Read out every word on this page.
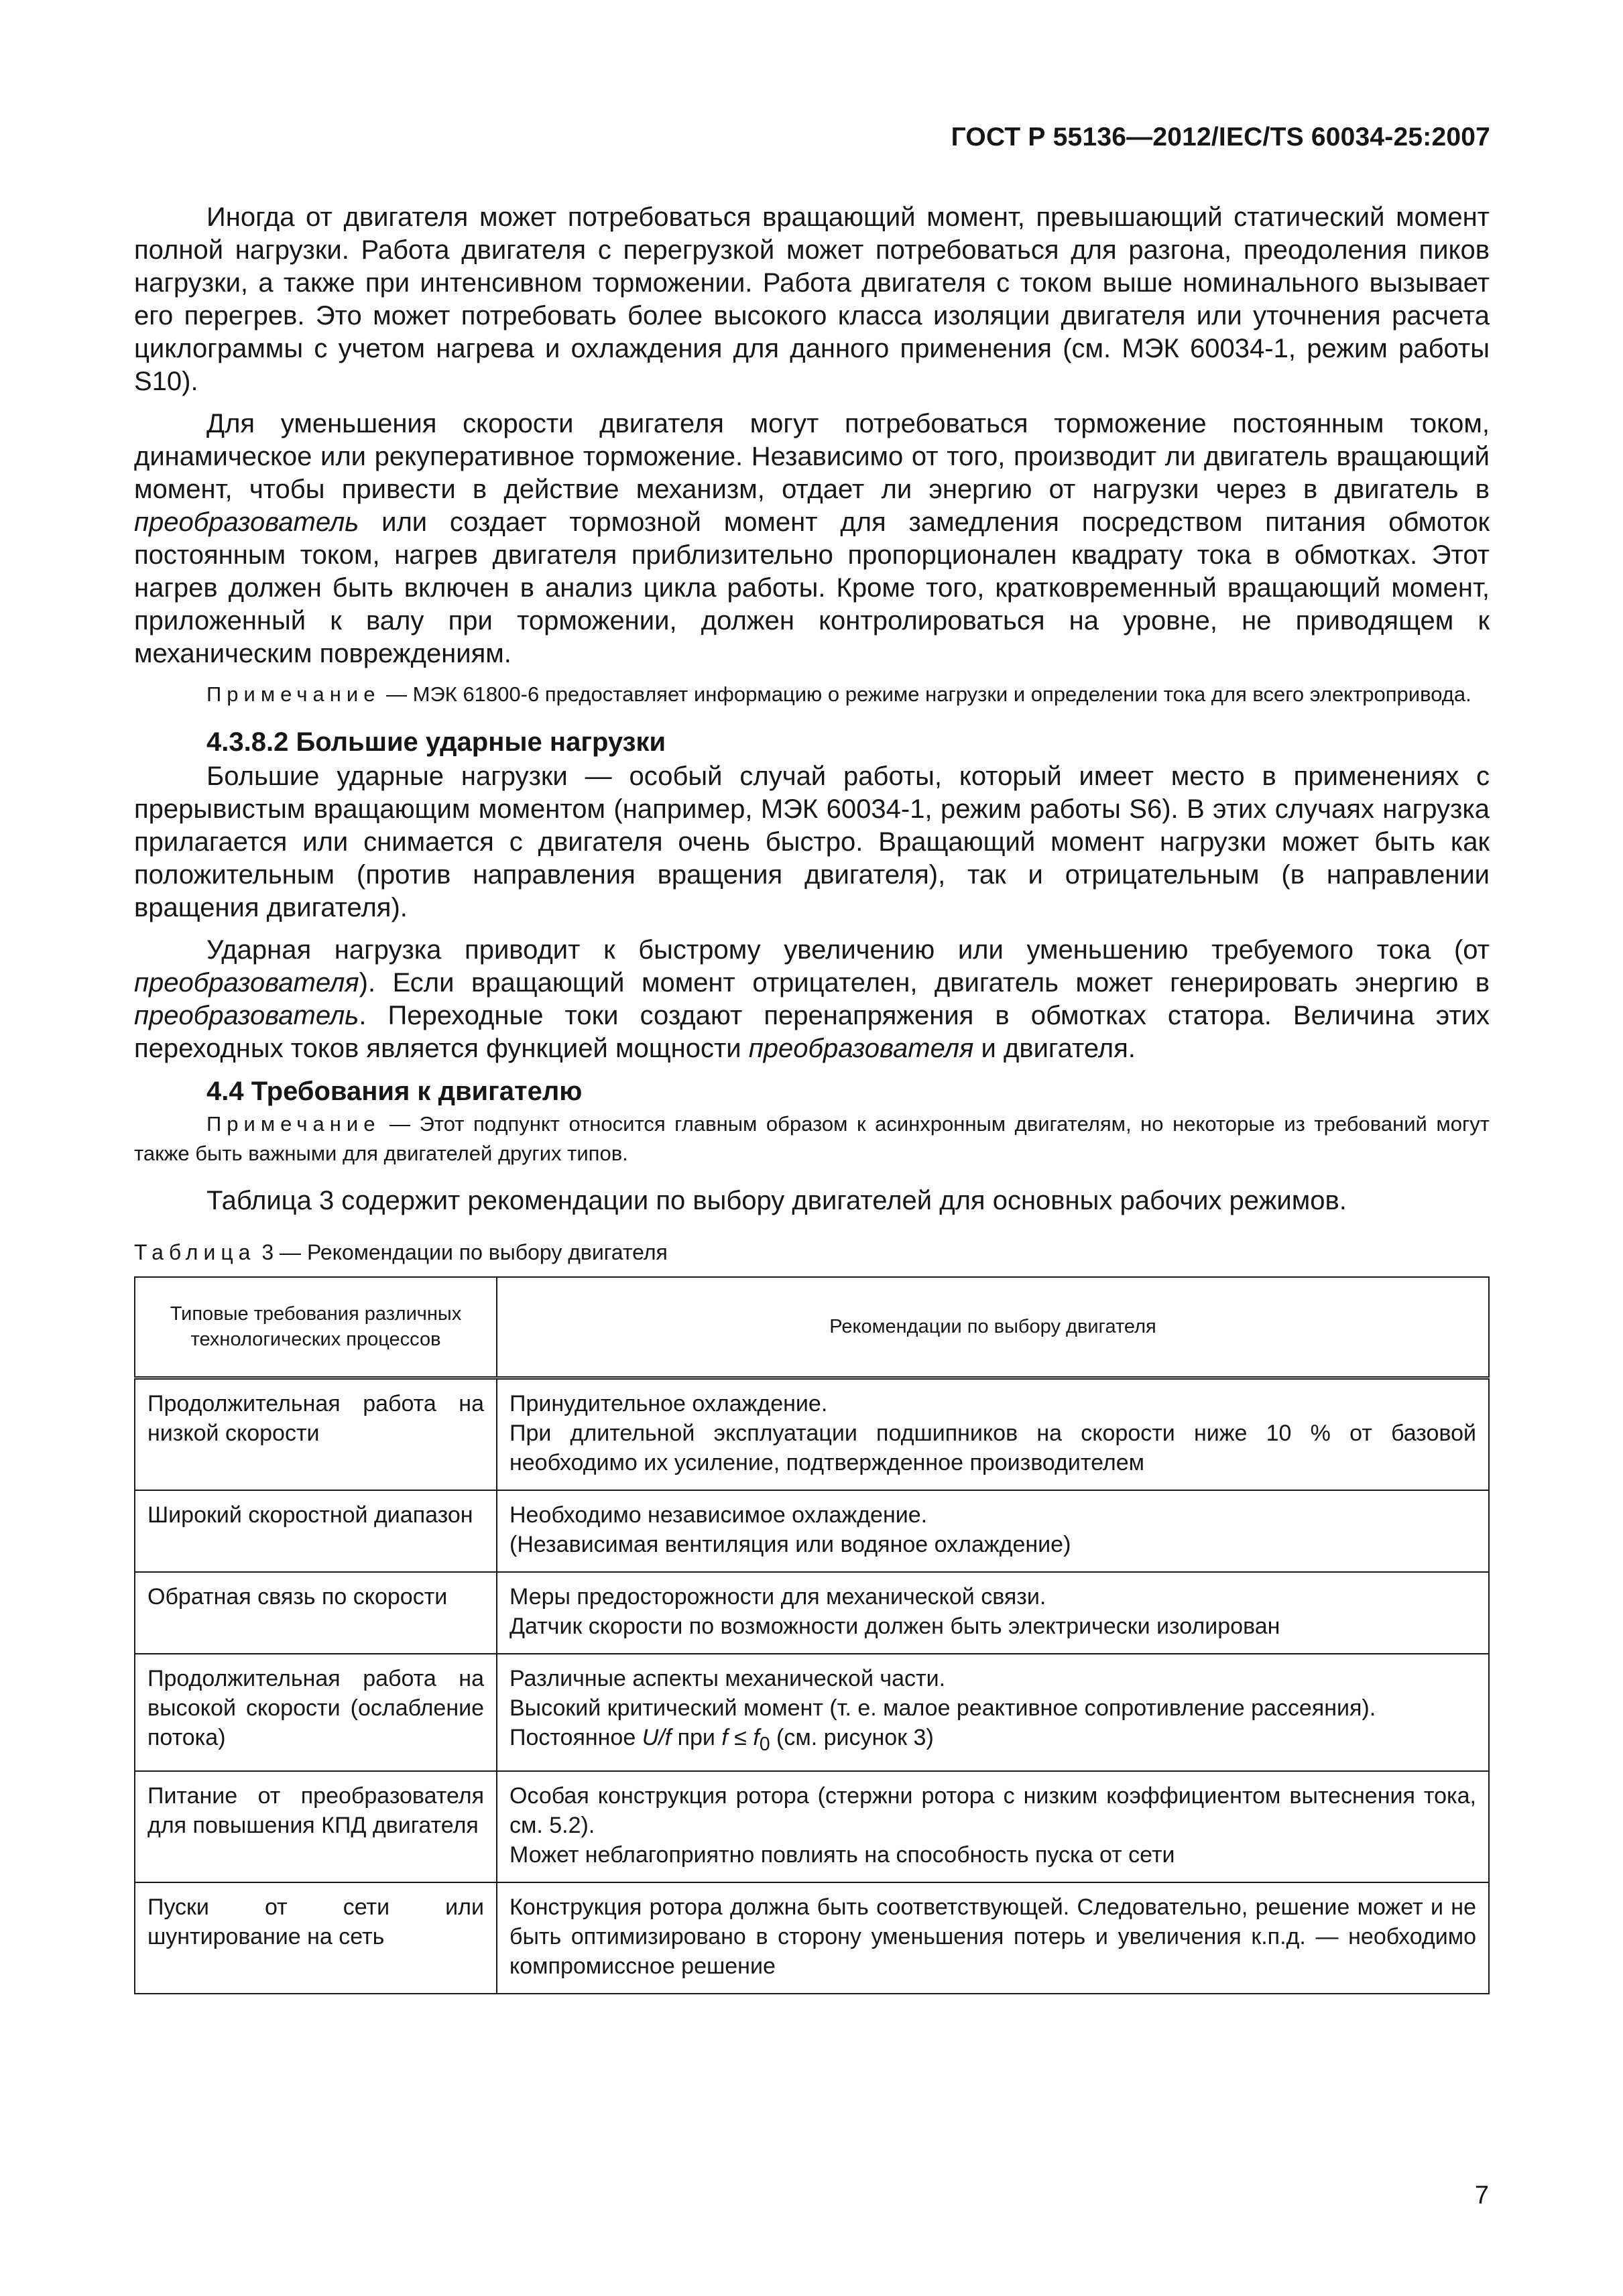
ГОСТ Р 55136—2012/IEC/TS 60034-25:2007

Иногда от двигателя может потребоваться вращающий момент, превышающий статический момент полной нагрузки. Работа двигателя с перегрузкой может потребоваться для разгона, преодоления пиков нагрузки, а также при интенсивном торможении. Работа двигателя с током выше номинального вызывает его перегрев. Это может потребовать более высокого класса изоляции двигателя или уточнения расчета циклограммы с учетом нагрева и охлаждения для данного применения (см. МЭК 60034-1, режим работы S10).

Для уменьшения скорости двигателя могут потребоваться торможение постоянным током, динамическое или рекуперативное торможение. Независимо от того, производит ли двигатель вращающий момент, чтобы привести в действие механизм, отдает ли энергию от нагрузки через в двигатель в преобразователь или создает тормозной момент для замедления посредством питания обмоток постоянным током, нагрев двигателя приблизительно пропорционален квадрату тока в обмотках. Этот нагрев должен быть включен в анализ цикла работы. Кроме того, кратковременный вращающий момент, приложенный к валу при торможении, должен контролироваться на уровне, не приводящем к механическим повреждениям.

Примечание — МЭК 61800-6 предоставляет информацию о режиме нагрузки и определении тока для всего электропривода.

4.3.8.2 Большие ударные нагрузки

Большие ударные нагрузки — особый случай работы, который имеет место в применениях с прерывистым вращающим моментом (например, МЭК 60034-1, режим работы S6). В этих случаях нагрузка прилагается или снимается с двигателя очень быстро. Вращающий момент нагрузки может быть как положительным (против направления вращения двигателя), так и отрицательным (в направлении вращения двигателя).

Ударная нагрузка приводит к быстрому увеличению или уменьшению требуемого тока (от преобразователя). Если вращающий момент отрицателен, двигатель может генерировать энергию в преобразователь. Переходные токи создают перенапряжения в обмотках статора. Величина этих переходных токов является функцией мощности преобразователя и двигателя.

4.4 Требования к двигателю

Примечание — Этот подпункт относится главным образом к асинхронным двигателям, но некоторые из требований могут также быть важными для двигателей других типов.

Таблица 3 содержит рекомендации по выбору двигателей для основных рабочих режимов.

Таблица 3 — Рекомендации по выбору двигателя

Типовые требования различных технологических процессов	Рекомендации по выбору двигателя
Продолжительная работа на низкой скорости	Принудительное охлаждение.
При длительной эксплуатации подшипников на скорости ниже 10 % от базовой необходимо их усиление, подтвержденное производителем

Широкий скоростной диапазон	Необходимо независимое охлаждение.
(Независимая вентиляция или водяное охлаждение)

Обратная связь по скорости	Меры предосторожности для механической связи.
Датчик скорости по возможности должен быть электрически изолирован

Продолжительная работа на высокой скорости (ослабление потока)	Различные аспекты механической части.
Высокий критический момент (т. е. малое реактивное сопротивление рассеяния).
Постоянное U/f при $f \le f_0$ (см. рисунок 3)

Питание от преобразователя для повышения КПД двигателя	Особая конструкция ротора (стержни ротора с низким коэффициентом вытеснения тока, см. 5.2).
Может неблагоприятно повлиять на способность пуска от сети

Пуски от сети или шунтирование на сеть	Конструкция ротора должна быть соответствующей. Следовательно, решение может и не быть оптимизировано в сторону уменьшения потерь и увеличения к.п.д. — необходимо компромиссное решение
7
